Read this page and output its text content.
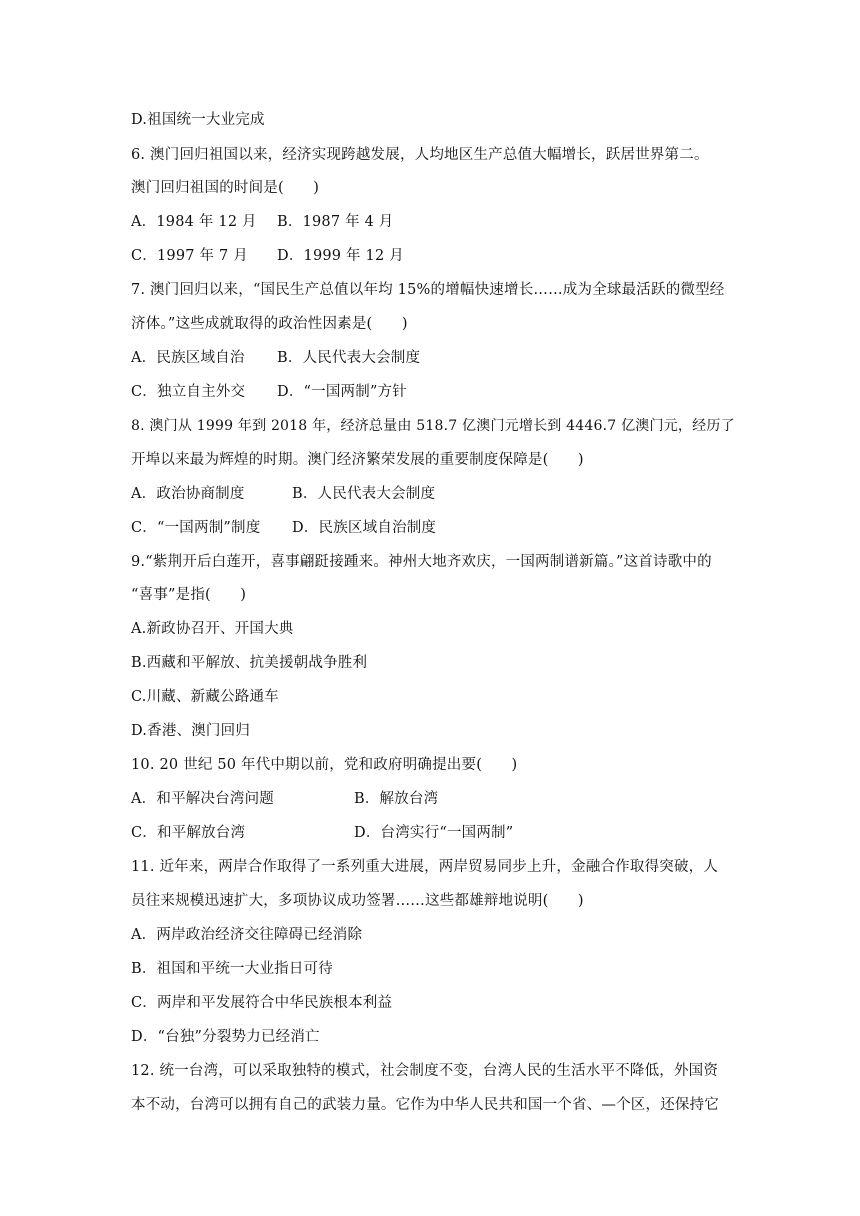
D.祖国统一大业完成
6. 澳门回归祖国以来，经济实现跨越发展，人均地区生产总值大幅增长，跃居世界第二。
澳门回归祖国的时间是(　　)
A．1984 年 12 月 B．1987 年 4 月
C．1997 年 7 月 D．1999 年 12 月
7. 澳门回归以来，“国民生产总值以年均 15%的增幅快速增长……成为全球最活跃的微型经
济体。”这些成就取得的政治性因素是(　　)
A．民族区域自治 B．人民代表大会制度
C．独立自主外交 D．“一国两制”方针
8. 澳门从 1999 年到 2018 年，经济总量由 518.7 亿澳门元增长到 4446.7 亿澳门元，经历了
开埠以来最为辉煌的时期。澳门经济繁荣发展的重要制度保障是(　　)
A．政治协商制度	B．人民代表大会制度
C．“一国两制”制度 D．民族区域自治制度
9.“紫荆开后白莲开，喜事翩跹接踵来。神州大地齐欢庆，一国两制谱新篇。”这首诗歌中的
“喜事”是指(　　)
A.新政协召开、开国大典
B.西藏和平解放、抗美援朝战争胜利
C.川藏、新藏公路通车
D.香港、澳门回归
10. 20 世纪 50 年代中期以前，党和政府明确提出要(　　)
A．和平解决台湾问题	B．解放台湾
C．和平解放台湾	D．台湾实行“一国两制”
11. 近年来，两岸合作取得了一系列重大进展，两岸贸易同步上升，金融合作取得突破，人
员往来规模迅速扩大，多项协议成功签署……这些都雄辩地说明(　　)
A．两岸政治经济交往障碍已经消除
B．祖国和平统一大业指日可待
C．两岸和平发展符合中华民族根本利益
D．“台独”分裂势力已经消亡
12. 统一台湾，可以采取独特的模式，社会制度不变，台湾人民的生活水平不降低，外国资
本不动，台湾可以拥有自己的武装力量。它作为中华人民共和国一个省、—个区，还保持它
